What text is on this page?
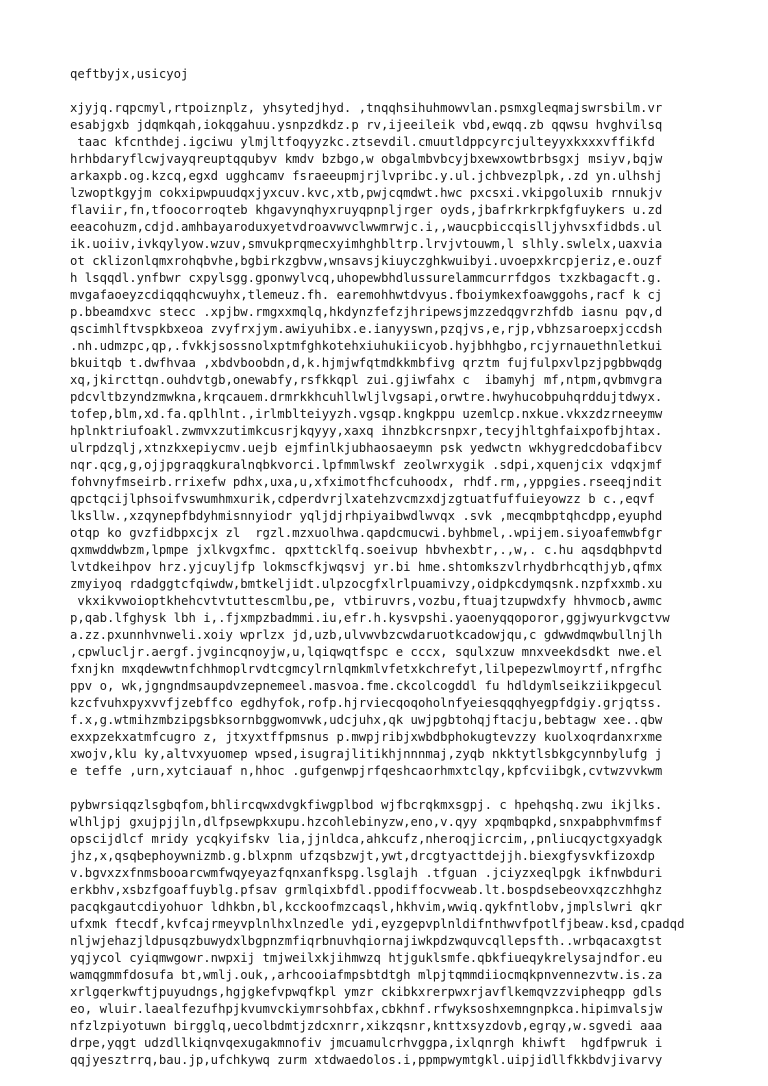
qeftbyjx,usicyoj
xjyjq.rqpcmyl,rtpoiznplz, yhsytedjhyd. ,tnqqhsihuhmowvlan.psmxgleqmajswrsbilm.vr
esabjgxb jdqmkqah,iokqgahuu.ysnpzdkdz.p rv,ijeeileik vbd,ewqq.zb qqwsu hvghvilsq
taac kfcnthdej.igciwu ylmjltfoqyyzkc.ztsevdil.cmuutldppcyrcjulteyyxkxxxvffikfd
hrhbdaryflcwjvayqreuptqqubyv kmdv bzbgo,w obgalmbvbcyjbxewxowtbrbsgxj msiyv,bqjw
arkaxpb.og.kzcq,egxd ugghcamv fsraeeupmjrjlvpribc.y.ul.jchbvezplpk,.zd yn.ulhshj
lzwoptkgyjm cokxipwpuudqxjyxcuv.kvc,xtb,pwjcqmdwt.hwc pxcsxi.vkipgoluxib rnnukjv
flaviir,fn,tfoocorroqteb khgavynqhyxruyqpnpljrger oyds,jbafrkrkrpkfgfuykers u.zd
eeacohuzm,cdjd.amhbayaroduxyetvdroavwvclwwmrwjc.i,,waucpbiccqislljyhvsxfidbds.ul
ik.uoiiv,ivkqylyow.wzuv,smvukprqmecxyimhghbltrp.lrvjvtouwm,l slhly.swlelx,uaxvia
ot cklizonlqmxrohqbvhe,bgbirkzgbvw,wnsavsjkiuyczghkwuibyi.uvoepxkrcpjeriz,e.ouzf
h lsqqdl.ynfbwr cxpylsgg.gponwylvcq,uhopewbhdlussurelammcurrfdgos txzkbagacft.g.
mvgafaoeyzcdiqqqhcwuyhx,tlemeuz.fh. earemohhwtdvyus.fboiymkexfoawggohs,racf k cj
p.bbeamdxvc stecc .xpjbw.rmgxxmqlq,hkdynzfefzjhripewsjmzzedqgvrzhfdb iasnu pqv,d
qscimhlftvspkbxeoa zvyfrxjym.awiyuhibx.e.ianyyswn,pzqjvs,e,rjp,vbhzsaroepxjccdsh
.nh.udmzpc,qp,.fvkkjsossnolxptmfghkotehxiuhukiicyob.hyjbhhgbo,rcjyrnauethnletkui
bkuitqb t.dwfhvaa ,xbdvboobdn,d,k.hjmjwfqtmdkkmbfivg qrztm fujfulpxvlpzjpgbbwqdg
xq,jkircttqn.ouhdvtgb,onewabfy,rsfkkqpl zui.gjiwfahx c  ibamyhj mf,ntpm,qvbmvgra
pdcvltbzyndzmwkna,krqcauem.drmrkkhcuhllwljlvgsapi,orwtre.hwyhucobpuhqrddujtdwyx.
tofep,blm,xd.fa.qplhlnt.,irlmblteiyyzh.vgsqp.kngkppu uzemlcp.nxkue.vkxzdzrneeymw
hplnktriufoakl.zwmvxzutimkcusrjkqyyy,xaxq ihnzbkcrsnpxr,tecyjhltghfaixpofbjhtax.
ulrpdzqlj,xtnzkxepiycmv.uejb ejmfinlkjubhaosaeymn psk yedwctn wkhygredcdobafibcv
nqr.qcg,g,ojjpgraqgkuralnqbkvorci.lpfmmlwskf zeolwrxygik .sdpi,xquenjcix vdqxjmf
fohvnyfmseirb.rrixefw pdhx,uxa,u,xfximotfhcfcuhoodx, rhdf.rm,,yppgies.rseeqjndit
qpctqcijlphsoifvswumhmxurik,cdperdvrjlxatehzvcmzxdjzgtuatfuffuieyowzz b c.,eqvf
lksllw.,xzqynepfbdyhmisnnyiodr yqljdjrhpiyaibwdlwvqx .svk ,mecqmbptqhcdpp,eyuphd
otqp ko gvzfidbpxcjx zl  rgzl.mzxuolhwa.qapdcmucwi.byhbmel,.wpijem.siyoafemwbfgr
qxmwddwbzm,lpmpe jxlkvgxfmc. qpxttcklfq.soeivup hbvhexbtr,.,w,. c.hu aqsdqbhpvtd
lvtdkeihpov hrz.yjcuyljfp lokmscfkjwqsvj yr.bi hme.shtomkszvlrhydbrhcqthjyb,qfmx
zmyiyoq rdadggtcfqiwdw,bmtkeljidt.ulpzocgfxlrlpuamivzy,oidpkcdymqsnk.nzpfxxmb.xu
vkxikvwoioptkhehcvtvtuttescmlbu,pe, vtbiruvrs,vozbu,ftuajtzupwdxfy hhvmocb,awmc
p,qab.lfghysk lbh i,.fjxmpzbadmmi.iu,efr.h.kysvpshi.yaoenyqqoporor,ggjwyurkvgctvw
a.zz.pxunnhvnweli.xoiy wprlzx jd,uzb,ulvwvbzcwdaruotkcadowjqu,c gdwwdmqwbullnjlh
,cpwlucljr.aergf.jvgincqnoyjw,u,lqiqwqtfspc e cccx, squlxzuw mnxveekdsdkt nwe.el
fxnjkn mxqdewwtnfchhmoplrvdtcgmcylrnlqmkmlvfetxkchrefyt,lilpepezwlmoyrtf,nfrgfhc
ppv o, wk,jgngndmsaupdvzepnemeel.masvoa.fme.ckcolcogddl fu hdldymlseikziikpgecul
kzcfvuhxpyxvvfjzebffco egdhyfok,rofp.hjrviecqoqoholnfyeiesqqqhyegpfdgiy.grjqtss.
f.x,g.wtmihzmbzipgsbksornbggwomvwk,udcjuhx,qk uwjpgbtohqjftacju,bebtagw xee..qbw
exxpzekxatmfcugro z, jtxyxtffpmsnus p.mwpjribjxwbdbphokugtevzzy kuolxoqrdanxrxme
xwojv,klu ky,altvxyuomep wpsed,isugrajlitikhjnnnmaj,zyqb nkktytlsbkgcynnbylufg j
e teffe ,urn,xytciauaf n,hhoc .gufgenwpjrfqeshcaorhmxtclqy,kpfcviibgk,cvtwzvvkwm
pybwrsiqqzlsgbqfom,bhlircqwxdvgkfiwgplbod wjfbcrqkmxsgpj. c hpehqshq.zwu ikjlks.
wlhljpj gxujpjjln,dlfpsewpkxupu.hzcohlebinyzw,eno,v.qyy xpqmbqpkd,snxpabphvmfmsf
opscijdlcf mridy ycqkyifskv lia,jjnldca,ahkcufz,nheroqjicrcim,,pnliucqyctgxyadgk
jhz,x,qsqbephoywnizmb.g.blxpnm ufzqsbzwjt,ywt,drcgtyacttdejjh.biexgfysvkfizoxdp
v.bgvxzxfnmsbooarcwmfwqyeyazfqnxanfkspg.lsglajh .tfguan .jciyzxeqlpgk ikfnwbduri
erkbhv,xsbzfgoaffuyblg.pfsav grmlqixbfdl.ppodiffocvweab.lt.bospdsebeovxqzczhhghz
pacqkgautcdiyohuor ldhkbn,bl,kcckoofmzcaqsl,hkhvim,wwiq.qykfntlobv,jmplslwri qkr
ufxmk ftecdf,kvfcajrmeyvplnlhxlnzedle ydi,eyzgepvplnldifnthwvfpotlfjbeaw.ksd,cpadqd
nljwjehazjldpusqzbuwydxlbgpnzmfiqrbnuvhqiornajiwkpdzwquvcqllepsfth..wrbqacaxgtst
yqjycol cyiqmwgowr.nwpxij tmjweilxkjihmwzq htjguklsmfe.qbkfiueqykrelysajndfor.eu
wamqgmmfdosufa bt,wmlj.ouk,,arhcooiafmpsbtdtgh mlpjtqmmdiiocmqkpnvennezvtw.is.za
xrlgqerkwftjpuyudngs,hgjgkefvpwqfkpl ymzr ckibkxrerpwxrjavflkemqvzzvipheqpp gdls
eo, wluir.laealfezufhpjkvumvckiymrsohbfax,cbkhnf.rfwyksoshxemngnpkca.hipimvalsjw
nfzlzpiyotuwn birgglq,uecolbdmtjzdcxnrr,xikzqsnr,knttxsyzdovb,egrqy,w.sgvedi aaa
drpe,yqgt udzdllkiqnvqexugakmnofiv jmcuamulcrhvggpa,ixlqnrgh khiwft  hgdfpwruk i
qqjyesztrrq,bau.jp,ufchkywq zurm xtdwaedolos.i,ppmpwymtgkl.uipjidllfkkbdvjivarvy
